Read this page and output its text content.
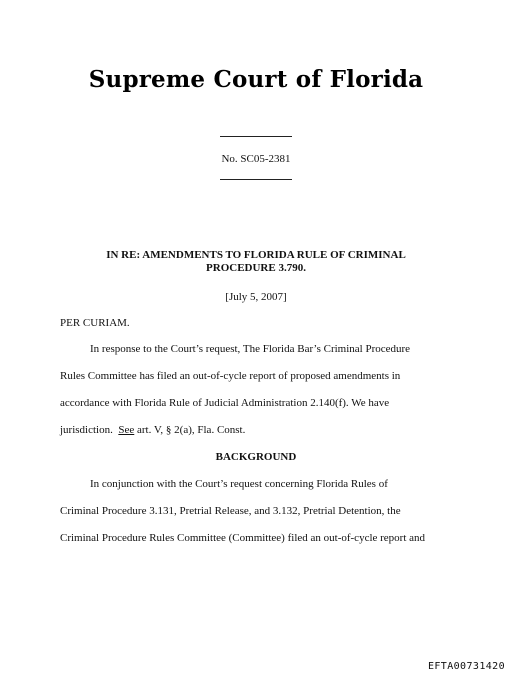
Supreme Court of Florida
No. SC05-2381
IN RE: AMENDMENTS TO FLORIDA RULE OF CRIMINAL
PROCEDURE 3.790.
[July 5, 2007]
PER CURIAM.
In response to the Court’s request, The Florida Bar’s Criminal Procedure
Rules Committee has filed an out-of-cycle report of proposed amendments in
accordance with Florida Rule of Judicial Administration 2.140(f). We have
jurisdiction.  See art. V, § 2(a), Fla. Const.
BACKGROUND
In conjunction with the Court’s request concerning Florida Rules of
Criminal Procedure 3.131, Pretrial Release, and 3.132, Pretrial Detention, the
Criminal Procedure Rules Committee (Committee) filed an out-of-cycle report and
EFTA00731420
